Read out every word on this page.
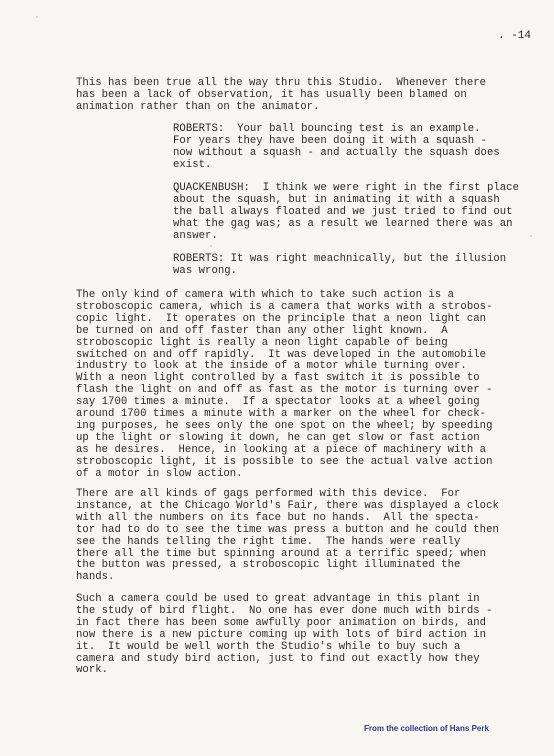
. -14
This has been true all the way thru this Studio.  Whenever there
has been a lack of observation, it has usually been blamed on
animation rather than on the animator.
ROBERTS:  Your ball bouncing test is an example.
For years they have been doing it with a squash -
now without a squash - and actually the squash does
exist.
QUACKENBUSH:  I think we were right in the first place
about the squash, but in animating it with a squash
the ball always floated and we just tried to find out
what the gag was; as a result we learned there was an
answer.
ROBERTS: It was right meachnically, but the illusion
was wrong.
The only kind of camera with which to take such action is a
stroboscopic camera, which is a camera that works with a strobos-
copic light.  It operates on the principle that a neon light can
be turned on and off faster than any other light known.  A
stroboscopic light is really a neon light capable of being
switched on and off rapidly.  It was developed in the automobile
industry to look at the inside of a motor while turning over.
With a neon light controlled by a fast switch it is possible to
flash the light on and off as fast as the motor is turning over -
say 1700 times a minute.  If a spectator looks at a wheel going
around 1700 times a minute with a marker on the wheel for check-
ing purposes, he sees only the one spot on the wheel; by speeding
up the light or slowing it down, he can get slow or fast action
as he desires.  Hence, in looking at a piece of machinery with a
stroboscopic light, it is possible to see the actual valve action
of a motor in slow action.
There are all kinds of gags performed with this device.  For
instance, at the Chicago World's Fair, there was displayed a clock
with all the numbers on its face but no hands.  All the specta-
tor had to do to see the time was press a button and he could then
see the hands telling the right time.  The hands were really
there all the time but spinning around at a terrific speed; when
the button was pressed, a stroboscopic light illuminated the
hands.
Such a camera could be used to great advantage in this plant in
the study of bird flight.  No one has ever done much with birds -
in fact there has been some awfully poor animation on birds, and
now there is a new picture coming up with lots of bird action in
it.  It would be well worth the Studio's while to buy such a
camera and study bird action, just to find out exactly how they
work.
From the collection of Hans Perk
